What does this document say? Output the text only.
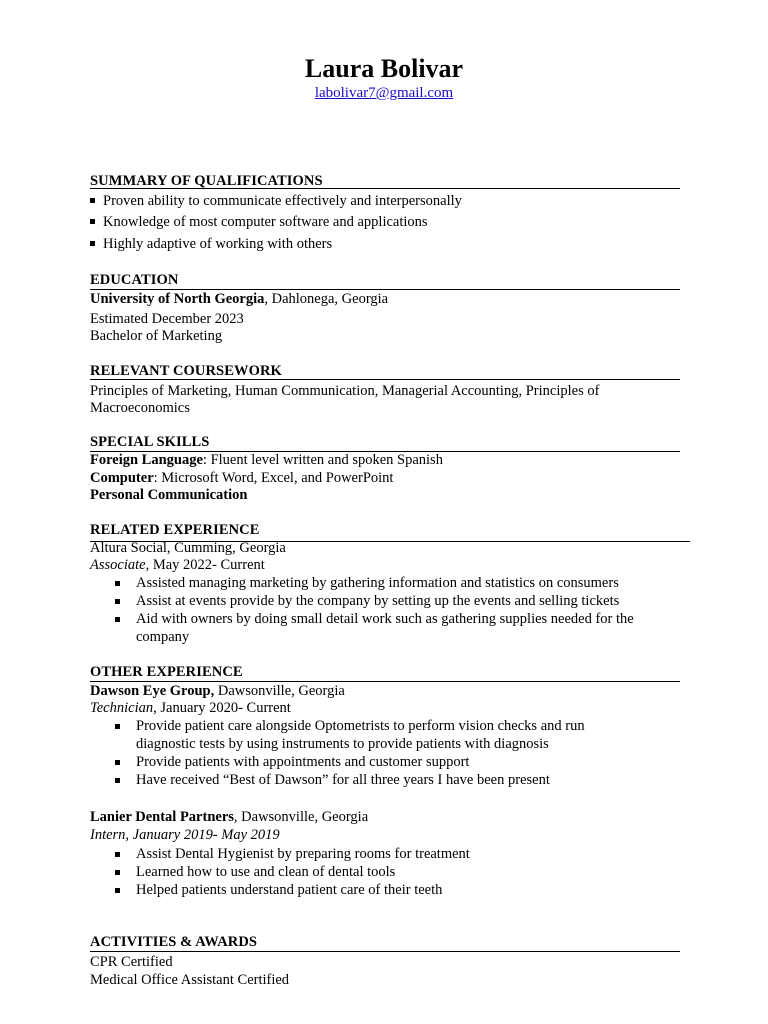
Laura Bolivar
labolivar7@gmail.com
SUMMARY OF QUALIFICATIONS
Proven ability to communicate effectively and interpersonally
Knowledge of most computer software and applications
Highly adaptive of working with others
EDUCATION
University of North Georgia, Dahlonega, Georgia
Estimated December 2023
Bachelor of Marketing
RELEVANT COURSEWORK
Principles of Marketing, Human Communication, Managerial Accounting, Principles of
Macroeconomics
SPECIAL SKILLS
Foreign Language: Fluent level written and spoken Spanish
Computer: Microsoft Word, Excel, and PowerPoint
Personal Communication
RELATED EXPERIENCE
Altura Social, Cumming, Georgia
Associate, May 2022- Current
Assisted managing marketing by gathering information and statistics on consumers
Assist at events provide by the company by setting up the events and selling tickets
Aid with owners by doing small detail work such as gathering supplies needed for the company
OTHER EXPERIENCE
Dawson Eye Group, Dawsonville, Georgia
Technician, January 2020- Current
Provide patient care alongside Optometrists to perform vision checks and run diagnostic tests by using instruments to provide patients with diagnosis
Provide patients with appointments and customer support
Have received “Best of Dawson” for all three years I have been present
Lanier Dental Partners, Dawsonville, Georgia
Intern, January 2019- May 2019
Assist Dental Hygienist by preparing rooms for treatment
Learned how to use and clean of dental tools
Helped patients understand patient care of their teeth
ACTIVITIES & AWARDS
CPR Certified
Medical Office Assistant Certified
